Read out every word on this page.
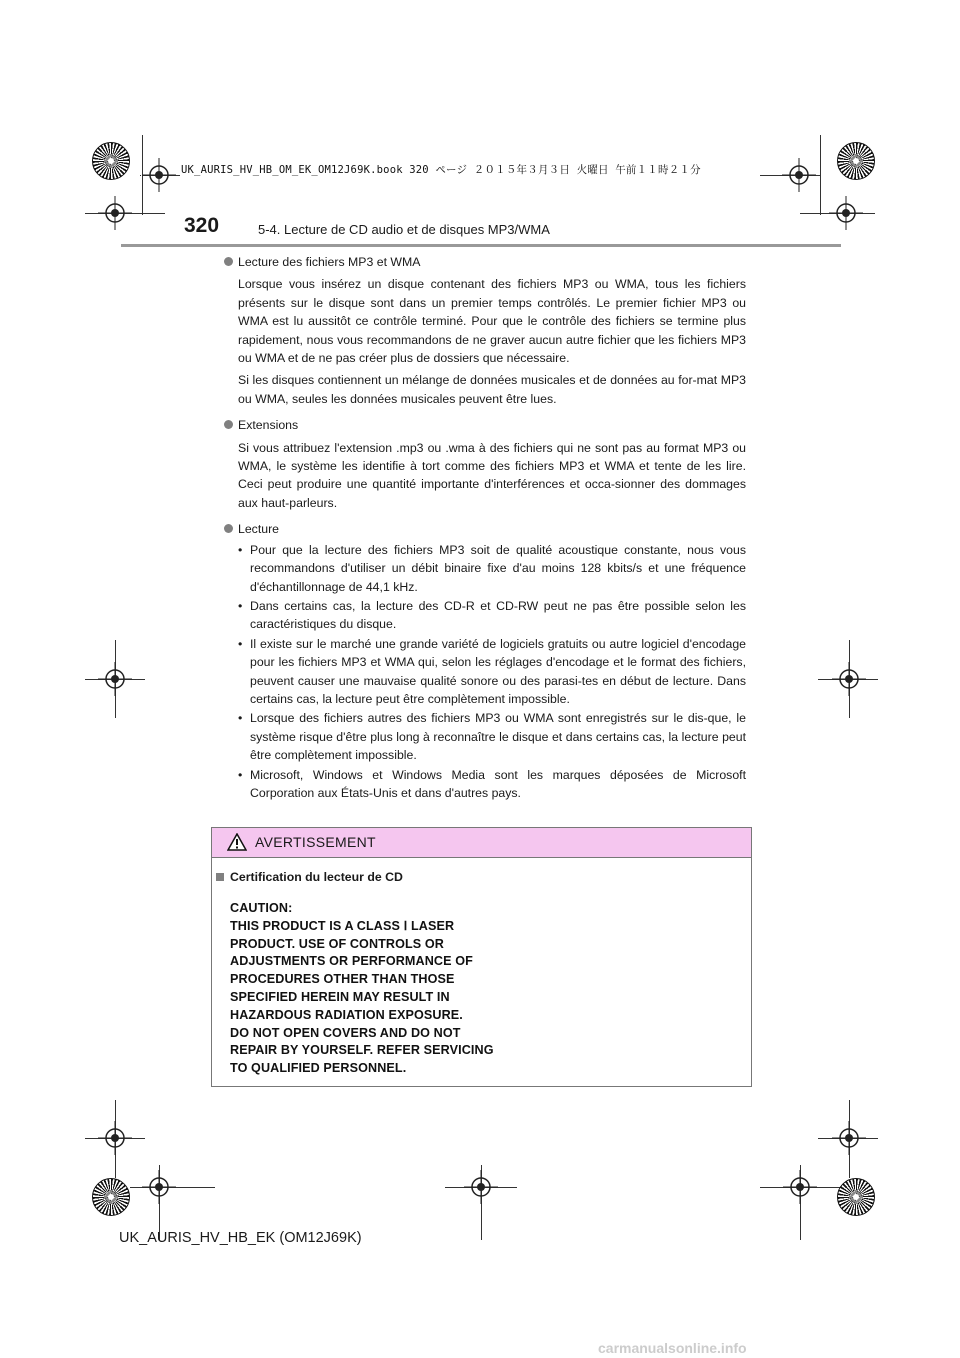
UK_AURIS_HV_HB_OM_EK_OM12J69K.book 320 ページ ２０１５年３月３日 火曜日 午前１１時２１分
320	5-4. Lecture de CD audio et de disques MP3/WMA
Lecture des fichiers MP3 et WMA
Lorsque vous insérez un disque contenant des fichiers MP3 ou WMA, tous les fichiers présents sur le disque sont dans un premier temps contrôlés. Le premier fichier MP3 ou WMA est lu aussitôt ce contrôle terminé. Pour que le contrôle des fichiers se termine plus rapidement, nous vous recommandons de ne graver aucun autre fichier que les fichiers MP3 ou WMA et de ne pas créer plus de dossiers que nécessaire.
Si les disques contiennent un mélange de données musicales et de données au for-mat MP3 ou WMA, seules les données musicales peuvent être lues.
Extensions
Si vous attribuez l'extension .mp3 ou .wma à des fichiers qui ne sont pas au format MP3 ou WMA, le système les identifie à tort comme des fichiers MP3 et WMA et tente de les lire. Ceci peut produire une quantité importante d'interférences et occa-sionner des dommages aux haut-parleurs.
Lecture
• Pour que la lecture des fichiers MP3 soit de qualité acoustique constante, nous vous recommandons d'utiliser un débit binaire fixe d'au moins 128 kbits/s et une fréquence d'échantillonnage de 44,1 kHz.
• Dans certains cas, la lecture des CD-R et CD-RW peut ne pas être possible selon les caractéristiques du disque.
• Il existe sur le marché une grande variété de logiciels gratuits ou autre logiciel d'encodage pour les fichiers MP3 et WMA qui, selon les réglages d'encodage et le format des fichiers, peuvent causer une mauvaise qualité sonore ou des parasi-tes en début de lecture. Dans certains cas, la lecture peut être complètement impossible.
• Lorsque des fichiers autres des fichiers MP3 ou WMA sont enregistrés sur le dis-que, le système risque d'être plus long à reconnaître le disque et dans certains cas, la lecture peut être complètement impossible.
• Microsoft, Windows et Windows Media sont les marques déposées de Microsoft Corporation aux États-Unis et dans d'autres pays.
AVERTISSEMENT
Certification du lecteur de CD
CAUTION:
THIS PRODUCT IS A CLASS Ⅰ LASER
PRODUCT. USE OF CONTROLS OR
ADJUSTMENTS OR PERFORMANCE OF
PROCEDURES OTHER THAN THOSE
SPECIFIED HEREIN MAY RESULT IN
HAZARDOUS RADIATION EXPOSURE.
DO NOT OPEN COVERS AND DO NOT
REPAIR BY YOURSELF. REFER SERVICING
TO QUALIFIED PERSONNEL.
UK_AURIS_HV_HB_EK (OM12J69K)
carmanualsonline.info
